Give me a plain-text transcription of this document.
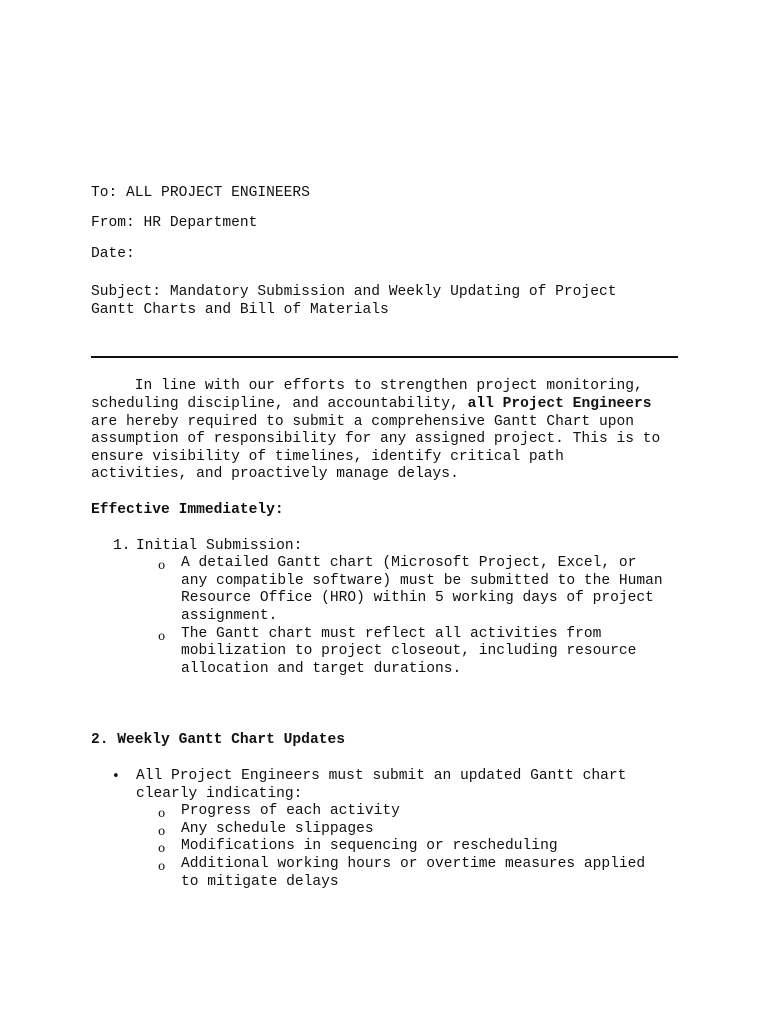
To: ALL PROJECT ENGINEERS
From: HR Department
Date:
Subject: Mandatory Submission and Weekly Updating of Project
Gantt Charts and Bill of Materials
In line with our efforts to strengthen project monitoring,
scheduling discipline, and accountability, all Project Engineers
are hereby required to submit a comprehensive Gantt Chart upon
assumption of responsibility for any assigned project. This is to
ensure visibility of timelines, identify critical path
activities, and proactively manage delays.
Effective Immediately:
1. Initial Submission:
o A detailed Gantt chart (Microsoft Project, Excel, or
any compatible software) must be submitted to the Human
Resource Office (HRO) within 5 working days of project
assignment.
o The Gantt chart must reflect all activities from
mobilization to project closeout, including resource
allocation and target durations.
2. Weekly Gantt Chart Updates
• All Project Engineers must submit an updated Gantt chart
clearly indicating:
o Progress of each activity
o Any schedule slippages
o Modifications in sequencing or rescheduling
o Additional working hours or overtime measures applied
to mitigate delays
